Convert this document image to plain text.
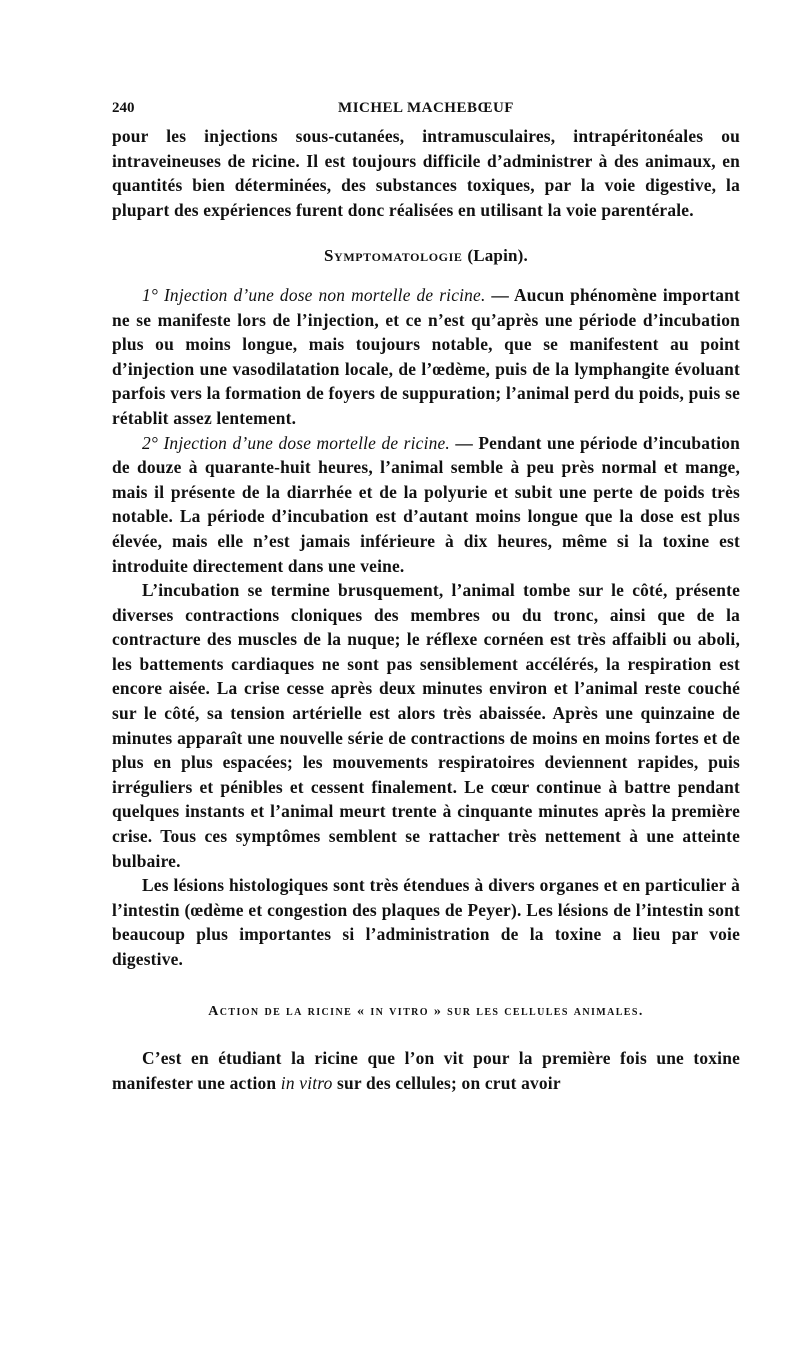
240	MICHEL MACHEBŒUF

pour les injections sous-cutanées, intramusculaires, intrapéritonéales ou intraveineuses de ricine. Il est toujours difficile d’administrer à des animaux, en quantités bien déterminées, des substances toxiques, par la voie digestive, la plupart des expériences furent donc réalisées en utilisant la voie parentérale.

Symptomatologie (Lapin).

1° Injection d’une dose non mortelle de ricine. — Aucun phénomène important ne se manifeste lors de l’injection, et ce n’est qu’après une période d’incubation plus ou moins longue, mais toujours notable, que se manifestent au point d’injection une vasodilatation locale, de l’œdème, puis de la lymphangite évoluant parfois vers la formation de foyers de suppuration; l’animal perd du poids, puis se rétablit assez lentement.

2° Injection d’une dose mortelle de ricine. — Pendant une période d’incubation de douze à quarante-huit heures, l’animal semble à peu près normal et mange, mais il présente de la diarrhée et de la polyurie et subit une perte de poids très notable. La période d’incubation est d’autant moins longue que la dose est plus élevée, mais elle n’est jamais inférieure à dix heures, même si la toxine est introduite directement dans une veine.

L’incubation se termine brusquement, l’animal tombe sur le côté, présente diverses contractions cloniques des membres ou du tronc, ainsi que de la contracture des muscles de la nuque; le réflexe cornéen est très affaibli ou aboli, les battements cardiaques ne sont pas sensiblement accélérés, la respiration est encore aisée. La crise cesse après deux minutes environ et l’animal reste couché sur le côté, sa tension artérielle est alors très abaissée. Après une quinzaine de minutes apparaît une nouvelle série de contractions de moins en moins fortes et de plus en plus espacées; les mouvements respiratoires deviennent rapides, puis irréguliers et pénibles et cessent finalement. Le cœur continue à battre pendant quelques instants et l’animal meurt trente à cinquante minutes après la première crise. Tous ces symptômes semblent se rattacher très nettement à une atteinte bulbaire.

Les lésions histologiques sont très étendues à divers organes et en particulier à l’intestin (œdème et congestion des plaques de Peyer). Les lésions de l’intestin sont beaucoup plus importantes si l’administration de la toxine a lieu par voie digestive.

Action de la ricine « in vitro » sur les cellules animales.

C’est en étudiant la ricine que l’on vit pour la première fois une toxine manifester une action in vitro sur des cellules; on crut avoir
